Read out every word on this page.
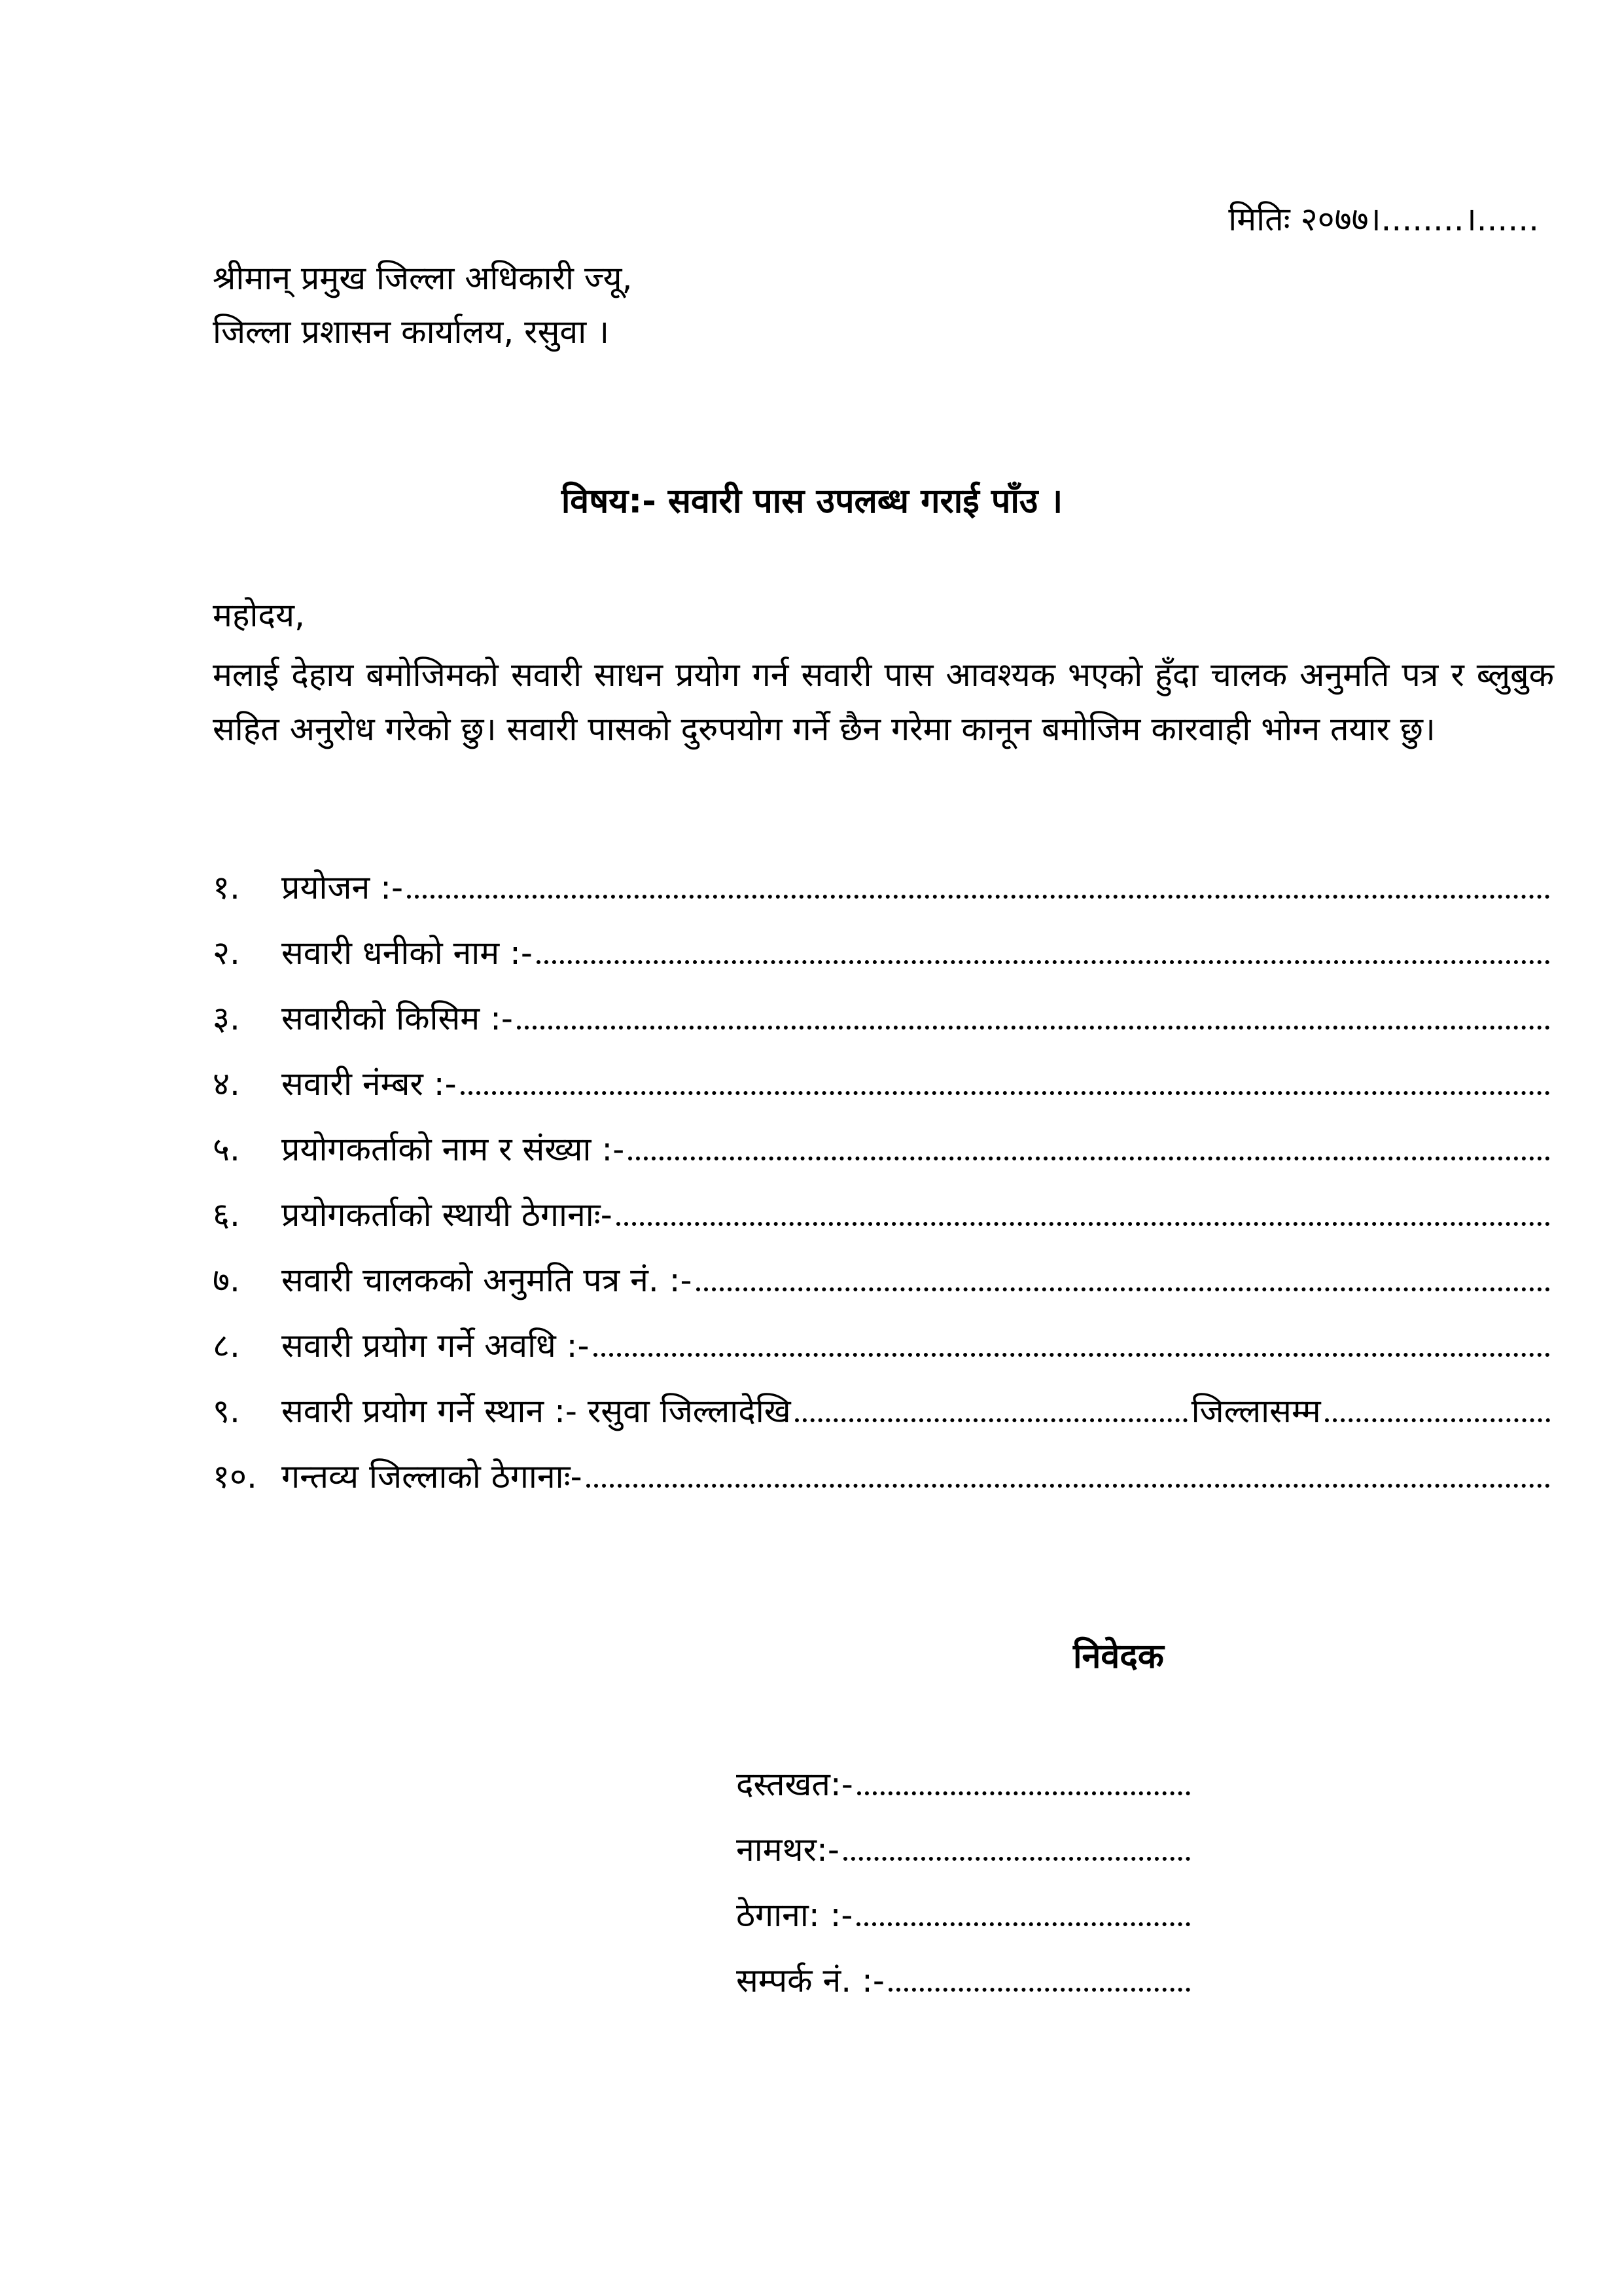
मितिः २०७७।........।......
श्रीमान् प्रमुख जिल्ला अधिकारी ज्यू,
जिल्ला प्रशासन कार्यालय, रसुवा ।
विषय:- सवारी पास उपलब्ध गराई पाँउ ।
महोदय,
मलाई देहाय बमोजिमको सवारी साधन प्रयोग गर्न सवारी पास आवश्यक भएको हुँदा चालक अनुमति पत्र र ब्लुबुक सहित अनुरोध गरेको छु। सवारी पासको दुरुपयोग गर्ने छैन गरेमा कानून बमोजिम कारवाही भोग्न तयार छु।
१.	प्रयोजन :-
२.	सवारी धनीको नाम :-
३.	सवारीको किसिम :-
४.	सवारी नंम्बर :-
५.	प्रयोगकर्ताको नाम र संख्या :-
६.	प्रयोगकर्ताको स्थायी ठेगानाः-
७.	सवारी चालकको अनुमति पत्र नं. :-
८.	सवारी प्रयोग गर्ने अवधि :-
९.	सवारी प्रयोग गर्ने स्थान :- रसुवा जिल्लादेखि	जिल्लासम्म
१०. गन्तव्य जिल्लाको ठेगानाः-
निवेदक
दस्तखत:-
नामथर:-
ठेगाना: :-
सम्पर्क नं. :-
